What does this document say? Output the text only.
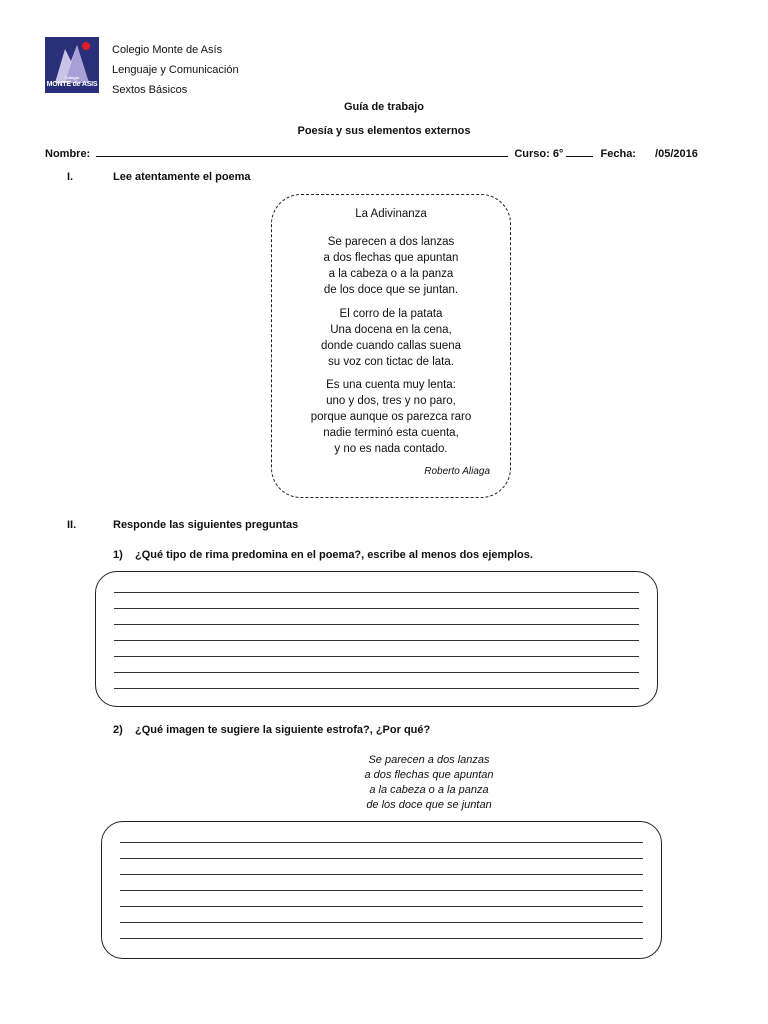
Colegio
MONTE de ASIS
Colegio Monte de Asís
Lenguaje y Comunicación
Sextos Básicos
Guía de trabajo
Poesía y sus elementos externos
Nombre:	Curso: 6°	Fecha: /05/2016
I.	Lee atentamente el poema
La Adivinanza
Se parecen a dos lanzas
a dos flechas que apuntan
a la cabeza o a la panza
de los doce que se juntan.
El corro de la patata
Una docena en la cena,
donde cuando callas suena
su voz con tictac de lata.
Es una cuenta muy lenta:
uno y dos, tres y no paro,
porque aunque os parezca raro
nadie terminó esta cuenta,
y no es nada contado.
Roberto Aliaga
II.	Responde las siguientes preguntas
1) ¿Qué tipo de rima predomina en el poema?, escribe al menos dos ejemplos.
2) ¿Qué imagen te sugiere la siguiente estrofa?, ¿Por qué?
Se parecen a dos lanzas
a dos flechas que apuntan
a la cabeza o a la panza
de los doce que se juntan
